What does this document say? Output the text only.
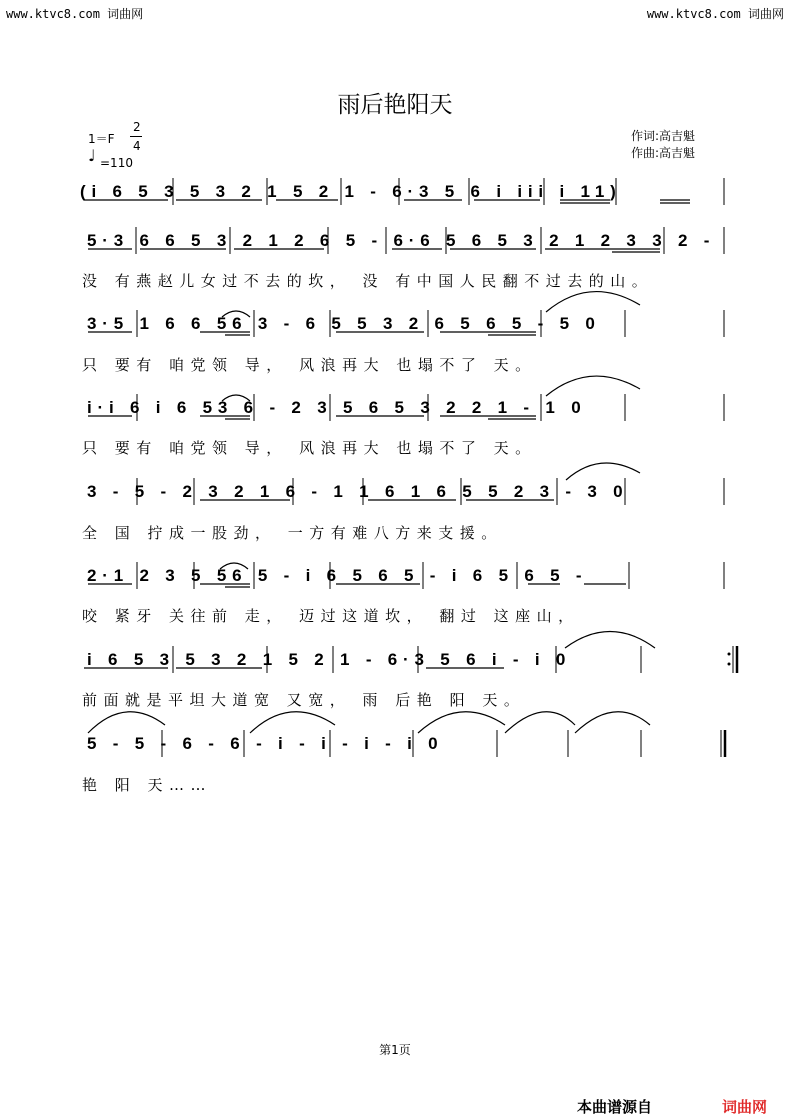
www.ktvc8.com 词曲网	www.ktvc8.com 词曲网
雨后艳阳天
1＝F
2
4
♩ =110
作词:高吉魁
作曲:高吉魁
(i 6 5 3 5 3 2 1 5 2 1 - 6·3 5 6 i iii i 11)
5·3 6 6 5 3 2 1 2 6 5 - 6·6 5 6 5 3 2 1 2 3 3 2 -
没 有燕赵儿女过不去的坎， 没 有中国人民翻不过去的山。
3·5 1 6 6 56 3 - 6 5 5 3 2 6 5 6 5 - 5 0
只 要有 咱党领 导， 风浪再大 也塌不了 天。
i·i 6 i 6 53 6 - 2 3 5 6 5 3 2 2 1 - 1 0
只 要有 咱党领 导， 风浪再大 也塌不了 天。
3 - 5 - 2 3 2 1 6 - 1 1 6 1 6 5 5 2 3 - 3 0
全 国 拧成一股劲， 一方有难八方来支援。
2·1 2 3 5 56 5 - i 6 5 6 5 - i 6 5 6 5 -
咬 紧牙 关往前 走， 迈过这道坎， 翻过 这座山，
i 6 5 3 5 3 2 1 5 2 1 - 6·3 5 6 i - i 0
前面就是平坦大道宽 又宽， 雨 后艳 阳 天。
5 - 5 - 6 - 6 - i - i - i - i 0
艳 阳 天……
第1页
本曲谱源自	词曲网
